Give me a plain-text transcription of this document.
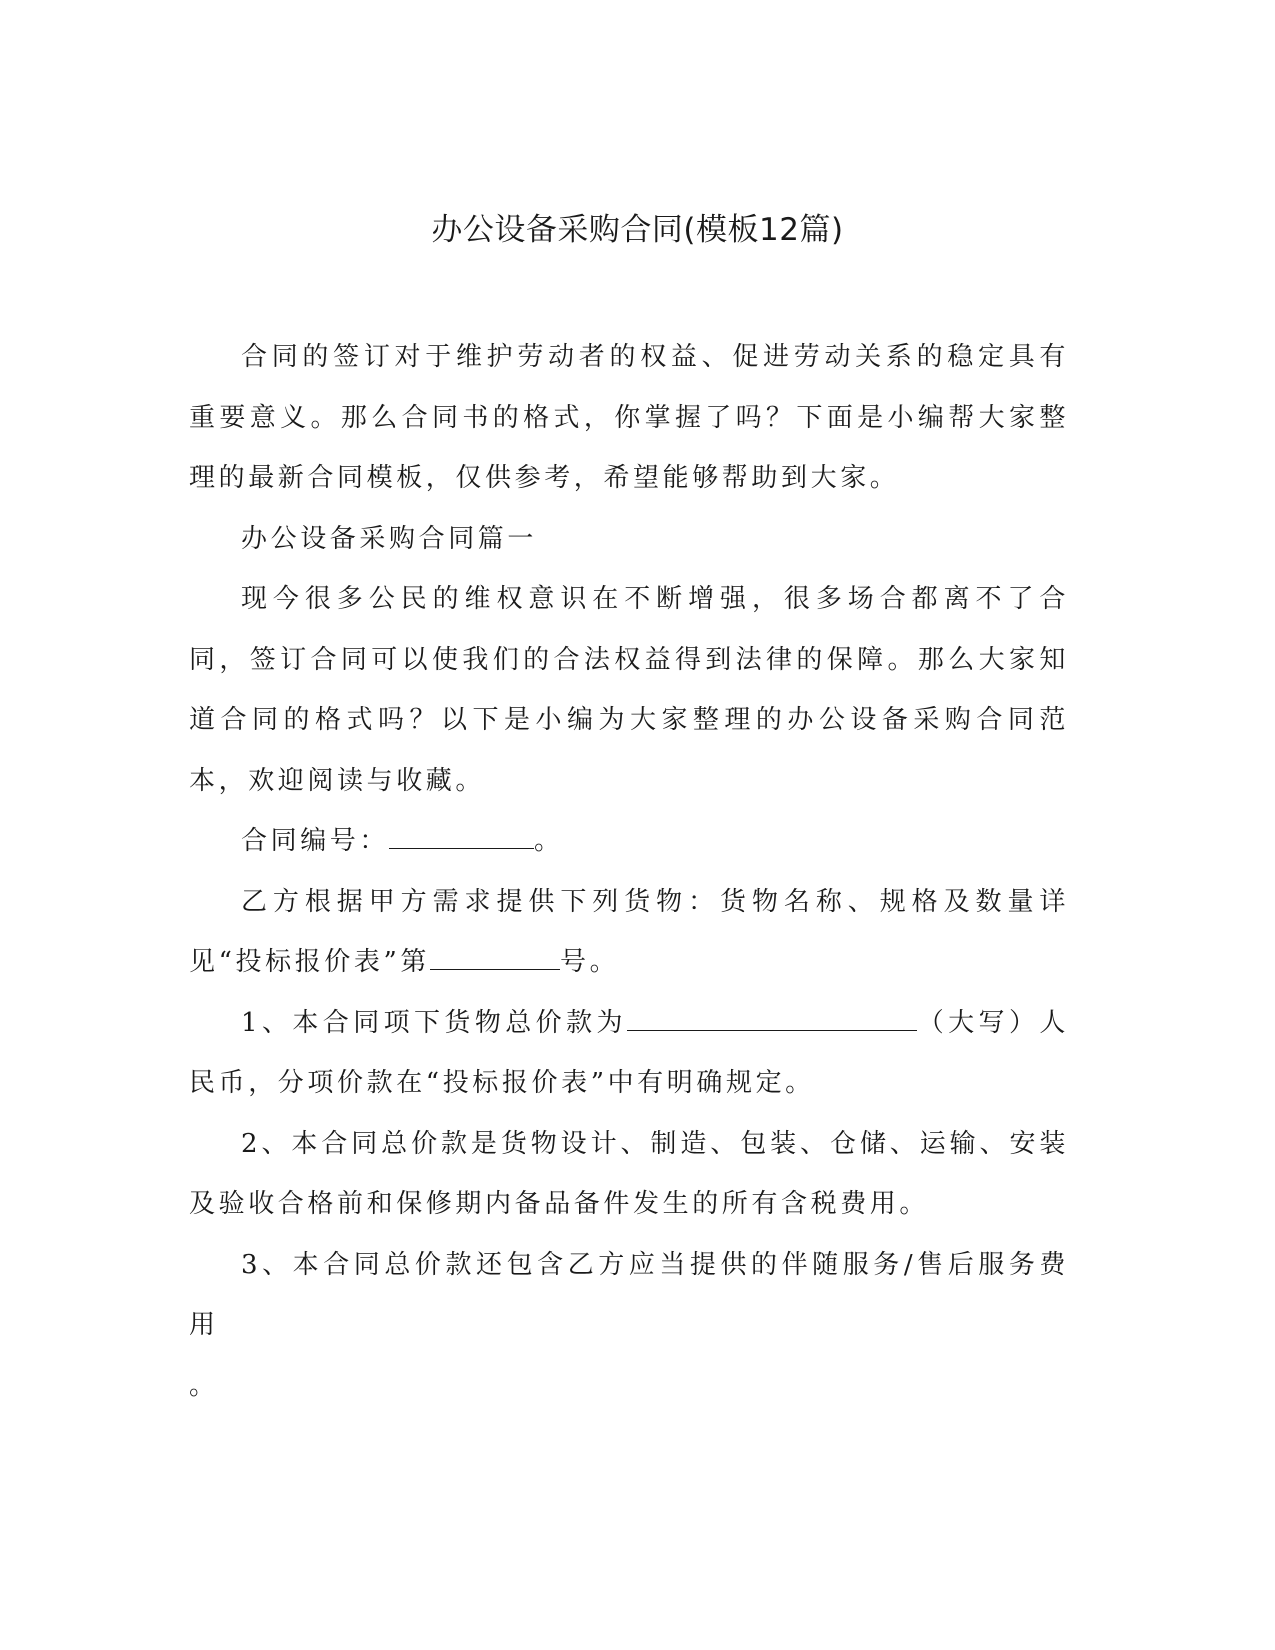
办公设备采购合同(模板12篇)

合同的签订对于维护劳动者的权益、促进劳动关系的稳定具有重要意义。那么合同书的格式，你掌握了吗？下面是小编帮大家整理的最新合同模板，仅供参考，希望能够帮助到大家。

办公设备采购合同篇一

现今很多公民的维权意识在不断增强，很多场合都离不了合同，签订合同可以使我们的合法权益得到法律的保障。那么大家知道合同的格式吗？以下是小编为大家整理的办公设备采购合同范本，欢迎阅读与收藏。

合同编号：	。

乙方根据甲方需求提供下列货物：货物名称、规格及数量详见“投标报价表”第	号。

1、本合同项下货物总价款为	（大写）人民币，分项价款在“投标报价表”中有明确规定。

2、本合同总价款是货物设计、制造、包装、仓储、运输、安装及验收合格前和保修期内备品备件发生的所有含税费用。

3、本合同总价款还包含乙方应当提供的伴随服务/售后服务费用

。
